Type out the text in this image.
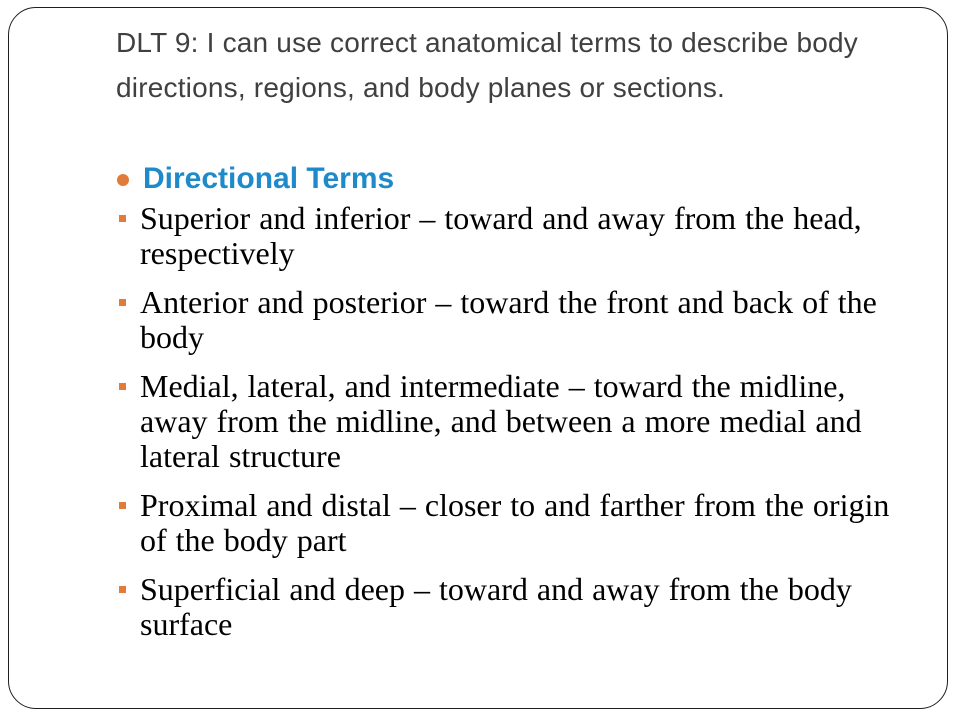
DLT 9: I can use correct anatomical terms to describe body directions, regions, and body planes or sections.
Directional Terms
Superior and inferior – toward and away from the head, respectively
Anterior and posterior – toward the front and back of the body
Medial, lateral, and intermediate – toward the midline, away from the midline, and between a more medial and lateral structure
Proximal and distal – closer to and farther from the origin of the body part
Superficial and deep – toward and away from the body surface
